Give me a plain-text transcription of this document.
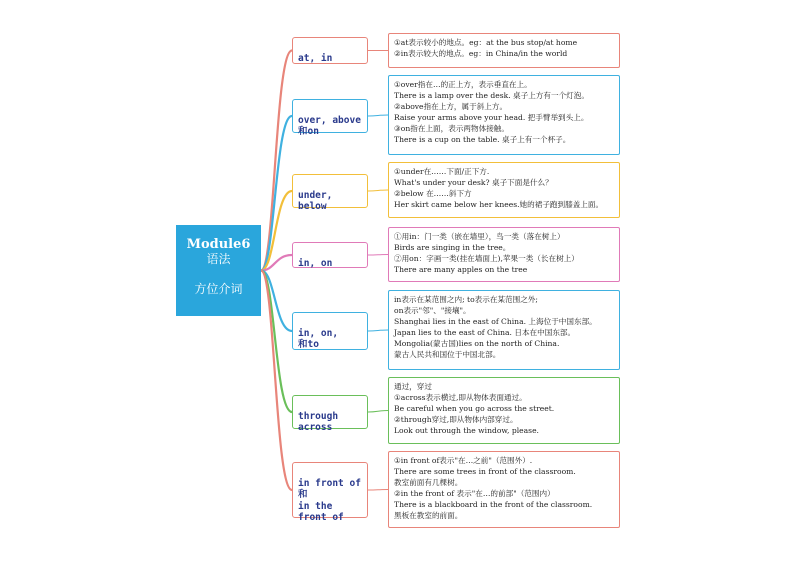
Module6
语法
方位介词

at, in

①at表示较小的地点。eg：at the bus stop/at home
②in表示较大的地点。eg：in China/in the world

over, above
和on

①over指在…的正上方，表示垂直在上。
There is a lamp over the desk. 桌子上方有一个灯泡。
②above指在上方，属于斜上方。
Raise your arms above your head. 把手臂举到头上。
③on指在上面，表示两物体接触。
There is a cup on the table. 桌子上有一个杯子。

under,
below

①under在……下面/正下方.
What's under your desk? 桌子下面是什么？
②below 在……斜下方
Her skirt came below her knees.她的裙子跑到膝盖上面。

in, on

①用in：门一类（嵌在墙里），鸟一类（落在树上）
Birds are singing in the tree。
②用on：字画一类(挂在墙面上),苹果一类（长在树上）
There are many apples on the tree

in, on,
和to

in表示在某范围之内; to表示在某范围之外;
on表示"邻"、"接壤"。
Shanghai lies in the east of China. 上海位于中国东部。
Japan lies to the east of China. 日本在中国东部。
Mongolia(蒙古国)lies on the north of China.
蒙古人民共和国位于中国北部。

through
across

通过，穿过
①across表示横过,即从物体表面通过。
Be careful when you go across the street.
②through穿过,即从物体内部穿过。
Look out through the window, please.

in front of
和
in the
front of

①in front of表示"在…之前"（范围外）.
There are some trees in front of the classroom.
教室前面有几棵树。
②in the front of 表示"在…的前部"（范围内）
There is a blackboard in the front of the classroom.
黑板在教室的前面。
